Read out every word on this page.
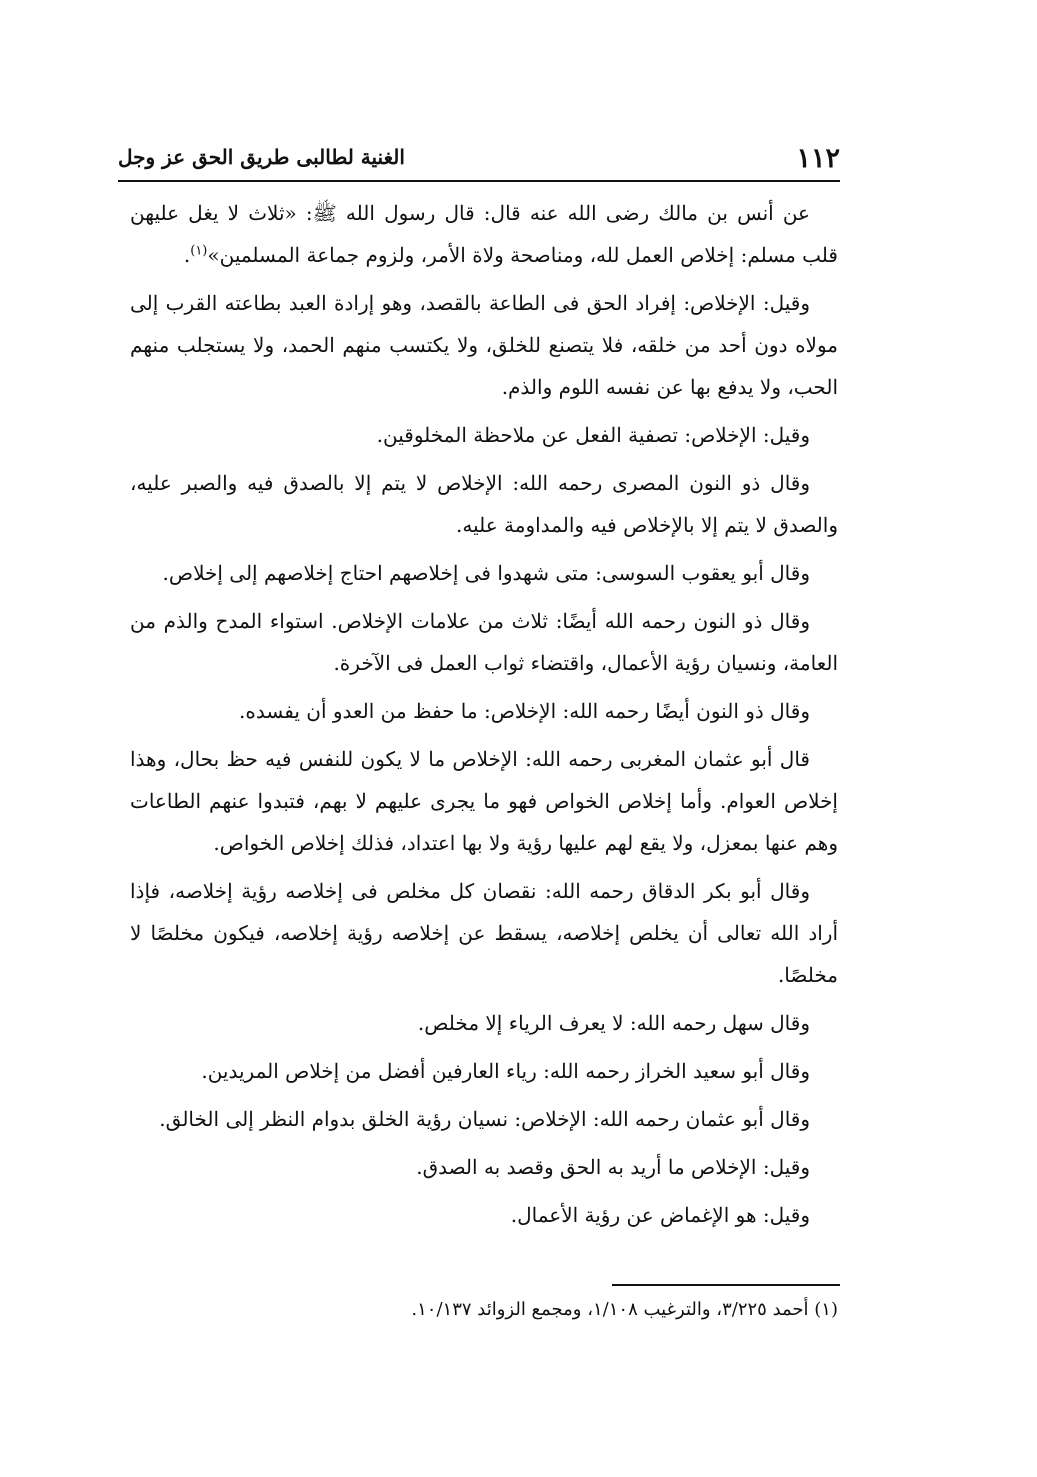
١١٢
الغنية لطالبى طريق الحق عز وجل

عن أنس بن مالك رضى الله عنه قال: قال رسول الله ﷺ: «ثلاث لا يغل عليهن قلب مسلم: إخلاص العمل لله، ومناصحة ولاة الأمر، ولزوم جماعة المسلمين»$^{(١)}$.

وقيل: الإخلاص: إفراد الحق فى الطاعة بالقصد، وهو إرادة العبد بطاعته القرب إلى مولاه دون أحد من خلقه، فلا يتصنع للخلق، ولا يكتسب منهم الحمد، ولا يستجلب منهم الحب، ولا يدفع بها عن نفسه اللوم والذم.

وقيل: الإخلاص: تصفية الفعل عن ملاحظة المخلوقين.

وقال ذو النون المصرى رحمه الله: الإخلاص لا يتم إلا بالصدق فيه والصبر عليه، والصدق لا يتم إلا بالإخلاص فيه والمداومة عليه.

وقال أبو يعقوب السوسى: متى شهدوا فى إخلاصهم احتاج إخلاصهم إلى إخلاص.

وقال ذو النون رحمه الله أيضًا: ثلاث من علامات الإخلاص. استواء المدح والذم من العامة، ونسيان رؤية الأعمال، واقتضاء ثواب العمل فى الآخرة.

وقال ذو النون أيضًا رحمه الله: الإخلاص: ما حفظ من العدو أن يفسده.

قال أبو عثمان المغربى رحمه الله: الإخلاص ما لا يكون للنفس فيه حظ بحال، وهذا إخلاص العوام. وأما إخلاص الخواص فهو ما يجرى عليهم لا بهم، فتبدوا عنهم الطاعات وهم عنها بمعزل، ولا يقع لهم عليها رؤية ولا بها اعتداد، فذلك إخلاص الخواص.

وقال أبو بكر الدقاق رحمه الله: نقصان كل مخلص فى إخلاصه رؤية إخلاصه، فإذا أراد الله تعالى أن يخلص إخلاصه، يسقط عن إخلاصه رؤية إخلاصه، فيكون مخلصًا لا مخلصًا.

وقال سهل رحمه الله: لا يعرف الرياء إلا مخلص.

وقال أبو سعيد الخراز رحمه الله: رياء العارفين أفضل من إخلاص المريدين.

وقال أبو عثمان رحمه الله: الإخلاص: نسيان رؤية الخلق بدوام النظر إلى الخالق.

وقيل: الإخلاص ما أريد به الحق وقصد به الصدق.

وقيل: هو الإغماض عن رؤية الأعمال.

(١) أحمد ٣/٢٢٥، والترغيب ١/١٠٨، ومجمع الزوائد ١٠/١٣٧.
